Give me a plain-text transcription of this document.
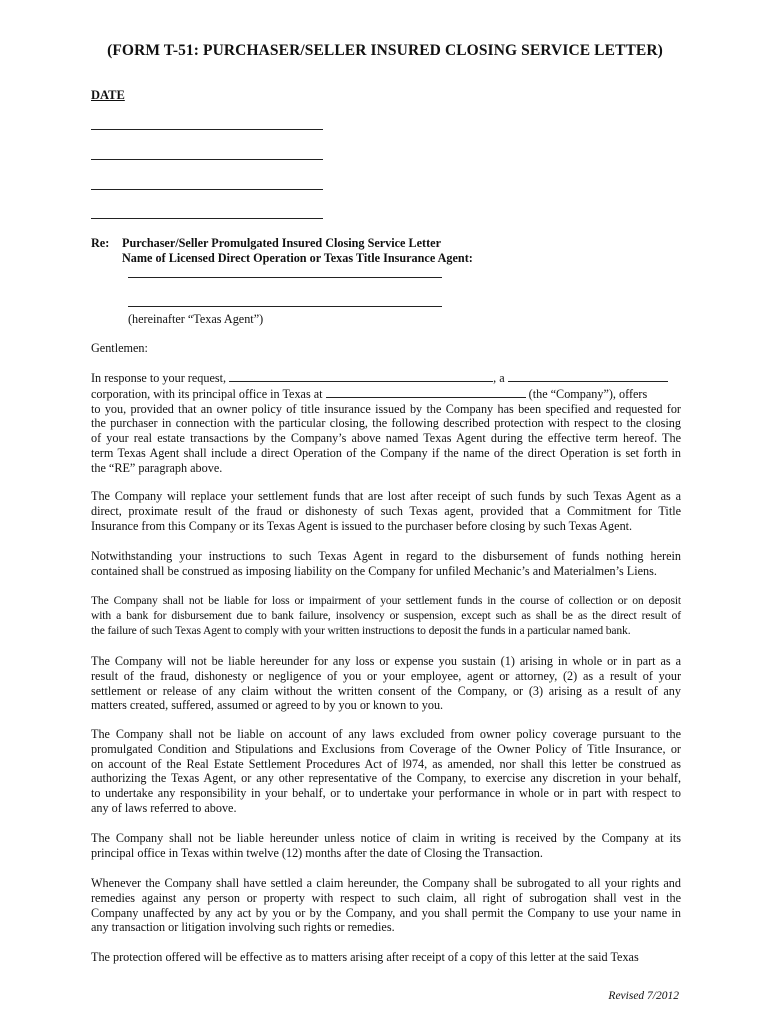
(FORM T-51: PURCHASER/SELLER INSURED CLOSING SERVICE LETTER)
DATE
Re: Purchaser/Seller Promulgated Insured Closing Service Letter
Name of Licensed Direct Operation or Texas Title Insurance Agent:
(hereinafter “Texas Agent”)
Gentlemen:
In response to your request,	, a
corporation, with its principal office in Texas at	(the “Company”), offers
to you, provided that an owner policy of title insurance issued by the Company has been specified and requested for
the purchaser in connection with the particular closing, the following described protection with respect to the closing
of your real estate transactions by the Company’s above named Texas Agent during the effective term hereof. The
term Texas Agent shall include a direct Operation of the Company if the name of the direct Operation is set forth in
the “RE” paragraph above.
The Company will replace your settlement funds that are lost after receipt of such funds by such Texas Agent as a
direct, proximate result of the fraud or dishonesty of such Texas agent, provided that a Commitment for Title
Insurance from this Company or its Texas Agent is issued to the purchaser before closing by such Texas Agent.
Notwithstanding your instructions to such Texas Agent in regard to the disbursement of funds nothing herein
contained shall be construed as imposing liability on the Company for unfiled Mechanic’s and Materialmen’s Liens.
The Company shall not be liable for loss or impairment of your settlement funds in the course of collection or on deposit
with a bank for disbursement due to bank failure, insolvency or suspension, except such as shall be as the direct result of
the failure of such Texas Agent to comply with your written instructions to deposit the funds in a particular named bank.
The Company will not be liable hereunder for any loss or expense you sustain (1) arising in whole or in part as a
result of the fraud, dishonesty or negligence of you or your employee, agent or attorney, (2) as a result of your
settlement or release of any claim without the written consent of the Company, or (3) arising as a result of any
matters created, suffered, assumed or agreed to by you or known to you.
The Company shall not be liable on account of any laws excluded from owner policy coverage pursuant to the
promulgated Condition and Stipulations and Exclusions from Coverage of the Owner Policy of Title Insurance, or
on account of the Real Estate Settlement Procedures Act of l974, as amended, nor shall this letter be construed as
authorizing the Texas Agent, or any other representative of the Company, to exercise any discretion in your behalf,
to undertake any responsibility in your behalf, or to undertake your performance in whole or in part with respect to
any of laws referred to above.
The Company shall not be liable hereunder unless notice of claim in writing is received by the Company at its
principal office in Texas within twelve (12) months after the date of Closing the Transaction.
Whenever the Company shall have settled a claim hereunder, the Company shall be subrogated to all your rights and
remedies against any person or property with respect to such claim, all right of subrogation shall vest in the
Company unaffected by any act by you or by the Company, and you shall permit the Company to use your name in
any transaction or litigation involving such rights or remedies.
The protection offered will be effective as to matters arising after receipt of a copy of this letter at the said Texas
Revised 7/2012
